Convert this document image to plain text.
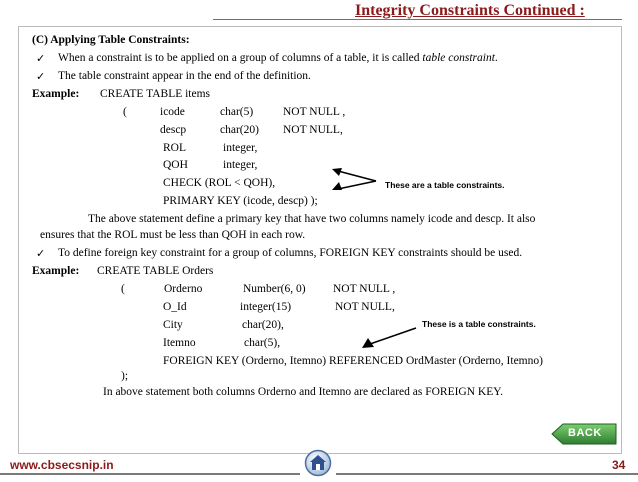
Integrity Constraints Continued :
(C) Applying Table Constraints:
✓ When a constraint is to be applied on a group of columns of a table, it is called table constraint.
✓ The table constraint appear in the end of the definition.
Example: CREATE TABLE items
(	icode	char(5)	NOT NULL ,
descp	char(20) NOT NULL,
ROL	integer,
QOH	integer,
CHECK (ROL < QOH),
PRIMARY KEY (icode, descp) );
These are a table constraints.
The above statement define a primary key that have two columns namely icode and descp. It also
ensures that the ROL must be less than QOH in each row.
✓ To define foreign key constraint for a group of columns, FOREIGN KEY constraints should be used.
Example: CREATE TABLE Orders
(	Orderno	Number(6, 0) NOT NULL ,
O_Id	integer(15)	NOT NULL,
City	char(20),
Itemno	char(5),
FOREIGN KEY (Orderno, Itemno) REFERENCED OrdMaster (Orderno, Itemno)
These is a table constraints.
);
In above statement both columns Orderno and Itemno are declared as FOREIGN KEY.
BACK
www.cbsecsnip.in	34
